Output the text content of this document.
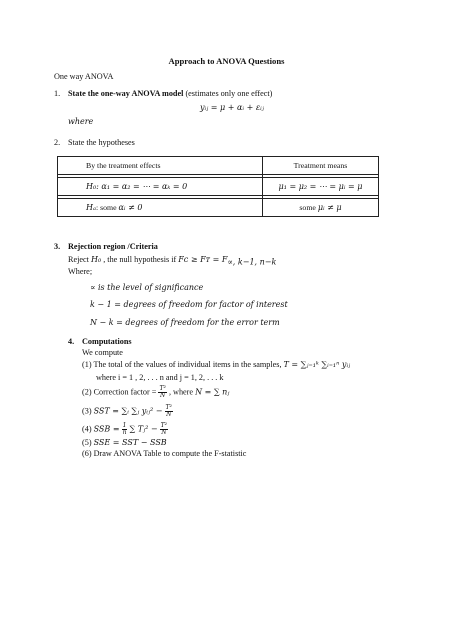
Approach to ANOVA Questions
One way ANOVA
1. State the one-way ANOVA model (estimates only one effect)
yᵢⱼ = μ + αᵢ + εᵢⱼ
where
2. State the hypotheses
By the treatment effects	Treatment means

H₀: α₁ = α₂ = ⋯ = αₖ = 0	μ₁ = μ₂ = ⋯ = μᵢ = μ

Hₐ: some αᵢ ≠ 0	some μᵢ ≠ μ
3. Rejection region /Criteria
Reject H₀ , the null hypothesis if Fᴄ ≥ Fᴛ = $F_{\propto, k-1, n-k}$
Where;
∝ is the level of significance
k − 1 = degrees of freedom for factor of interest
N − k = degrees of freedom for the error term
4. Computations
We compute
(1) The total of the values of individual items in the samples, T = ∑ⱼ₌₁ᵏ ∑ᵢ₌₁ⁿ yᵢⱼ
where i = 1 , 2, . . . n and j = 1, 2, . . . k
(2) Correction factor = $\frac{\text{T²}}{N}$ , where N = ∑ nⱼ
(3) SST = ∑ᵢ ∑ⱼ yᵢⱼ² − $\frac{\text{T²}}{N}$
(4) SSB = $\frac{1}{n}$ ∑ Tⱼ² − $\frac{\text{T²}}{N}$
(5) SSE = SST − SSB
(6) Draw ANOVA Table to compute the F-statistic
